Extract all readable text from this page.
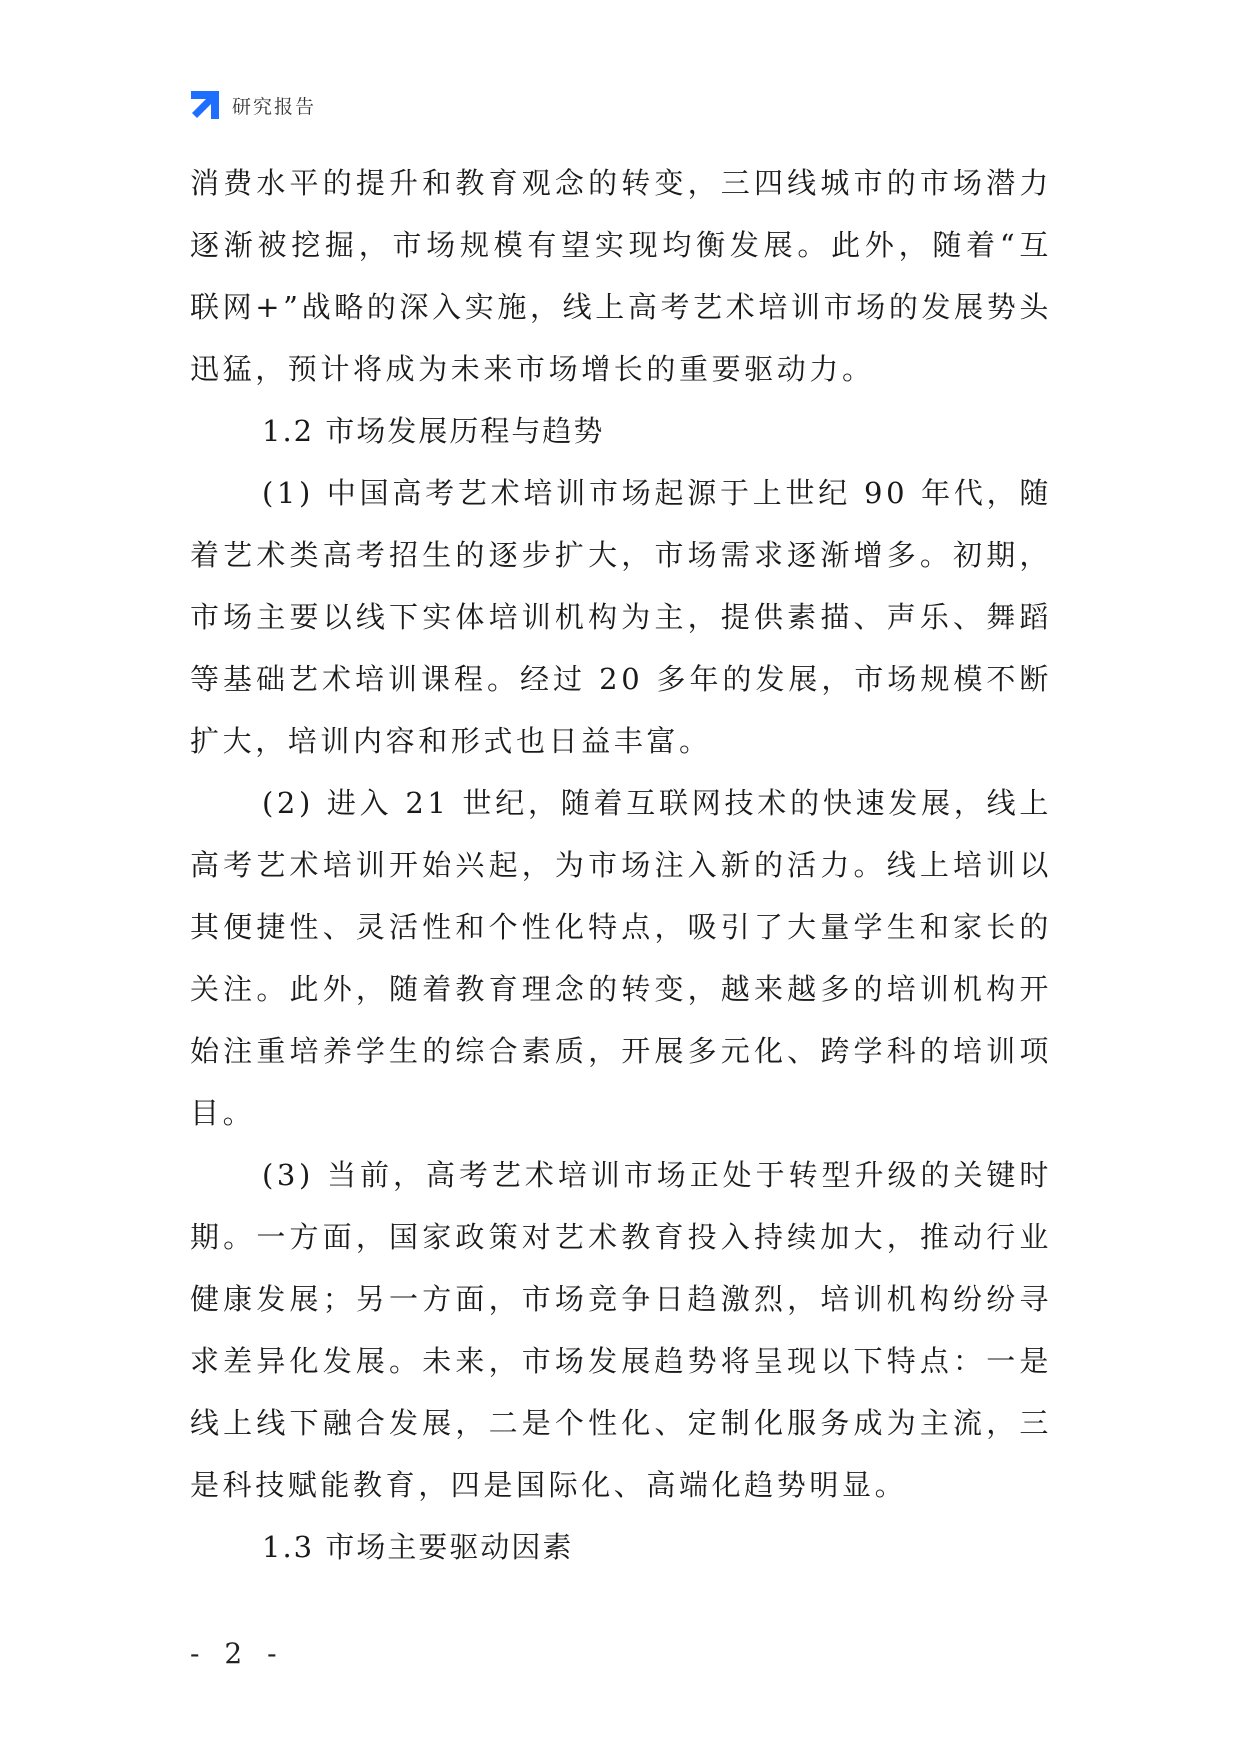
研究报告

消费水平的提升和教育观念的转变，三四线城市的市场潜力逐渐被挖掘，市场规模有望实现均衡发展。此外，随着“互联网+”战略的深入实施，线上高考艺术培训市场的发展势头迅猛，预计将成为未来市场增长的重要驱动力。

1.2 市场发展历程与趋势

(1) 中国高考艺术培训市场起源于上世纪 90 年代，随着艺术类高考招生的逐步扩大，市场需求逐渐增多。初期，市场主要以线下实体培训机构为主，提供素描、声乐、舞蹈等基础艺术培训课程。经过 20 多年的发展，市场规模不断扩大，培训内容和形式也日益丰富。

(2) 进入 21 世纪，随着互联网技术的快速发展，线上高考艺术培训开始兴起，为市场注入新的活力。线上培训以其便捷性、灵活性和个性化特点，吸引了大量学生和家长的关注。此外，随着教育理念的转变，越来越多的培训机构开始注重培养学生的综合素质，开展多元化、跨学科的培训项目。

(3) 当前，高考艺术培训市场正处于转型升级的关键时期。一方面，国家政策对艺术教育投入持续加大，推动行业健康发展；另一方面，市场竞争日趋激烈，培训机构纷纷寻求差异化发展。未来，市场发展趋势将呈现以下特点：一是线上线下融合发展，二是个性化、定制化服务成为主流，三是科技赋能教育，四是国际化、高端化趋势明显。

1.3 市场主要驱动因素

- 2 -
